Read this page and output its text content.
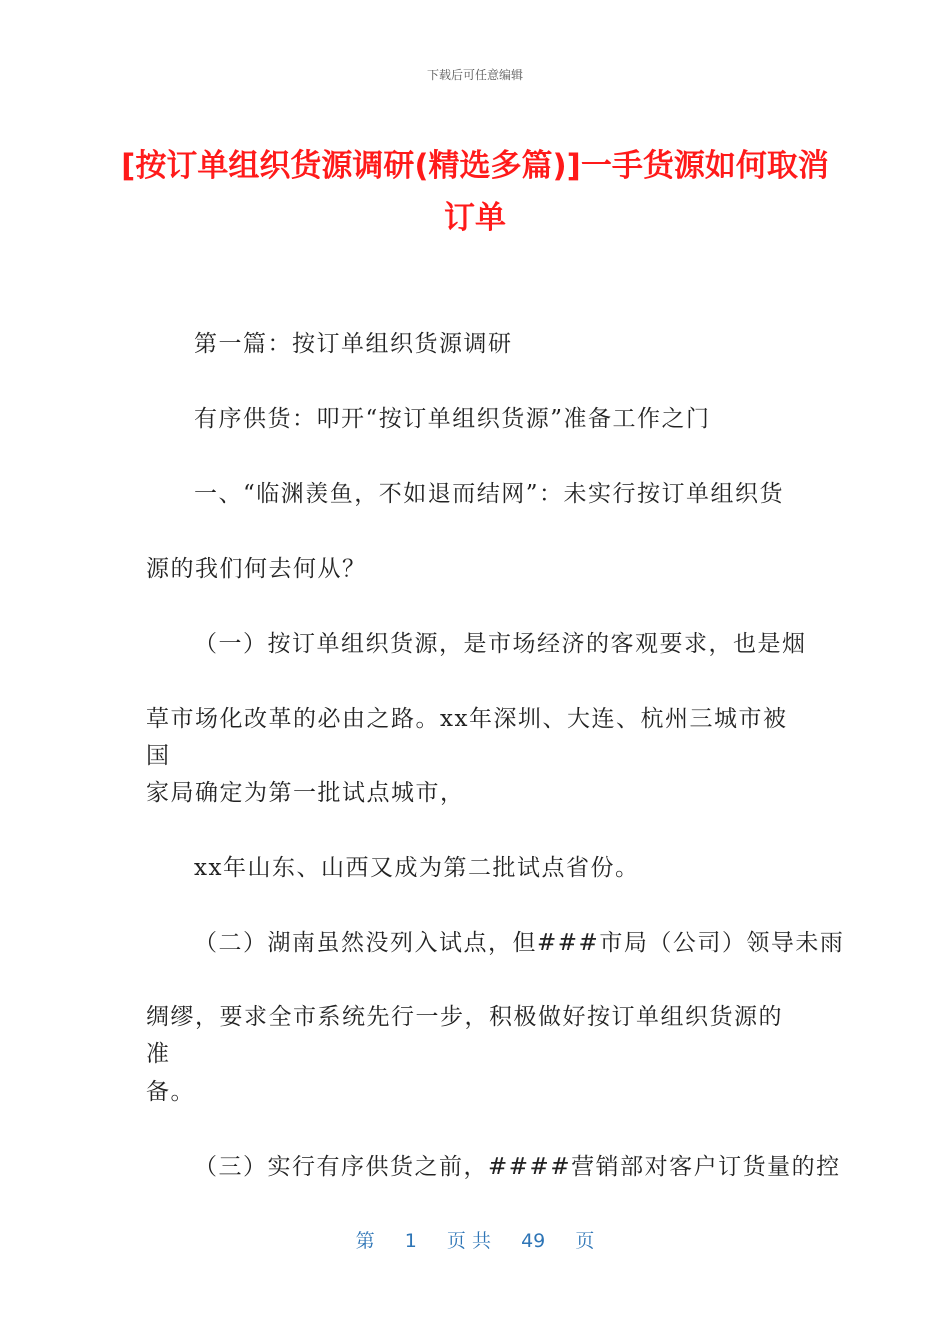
下载后可任意编辑
[按订单组织货源调研(精选多篇)]一手货源如何取消订单

第一篇：按订单组织货源调研

有序供货：叩开“按订单组织货源”准备工作之门

一、“临渊羡鱼，不如退而结网”：未实行按订单组织货

源的我们何去何从？

（一）按订单组织货源，是市场经济的客观要求，也是烟

草市场化改革的必由之路。xx年深圳、大连、杭州三城市被国

家局确定为第一批试点城市，

xx年山东、山西又成为第二批试点省份。

（二）湖南虽然没列入试点，但###市局（公司）领导未雨

绸缪，要求全市系统先行一步，积极做好按订单组织货源的准

备。

（三）实行有序供货之前，####营销部对客户订货量的控

第 1 页 共 49 页
